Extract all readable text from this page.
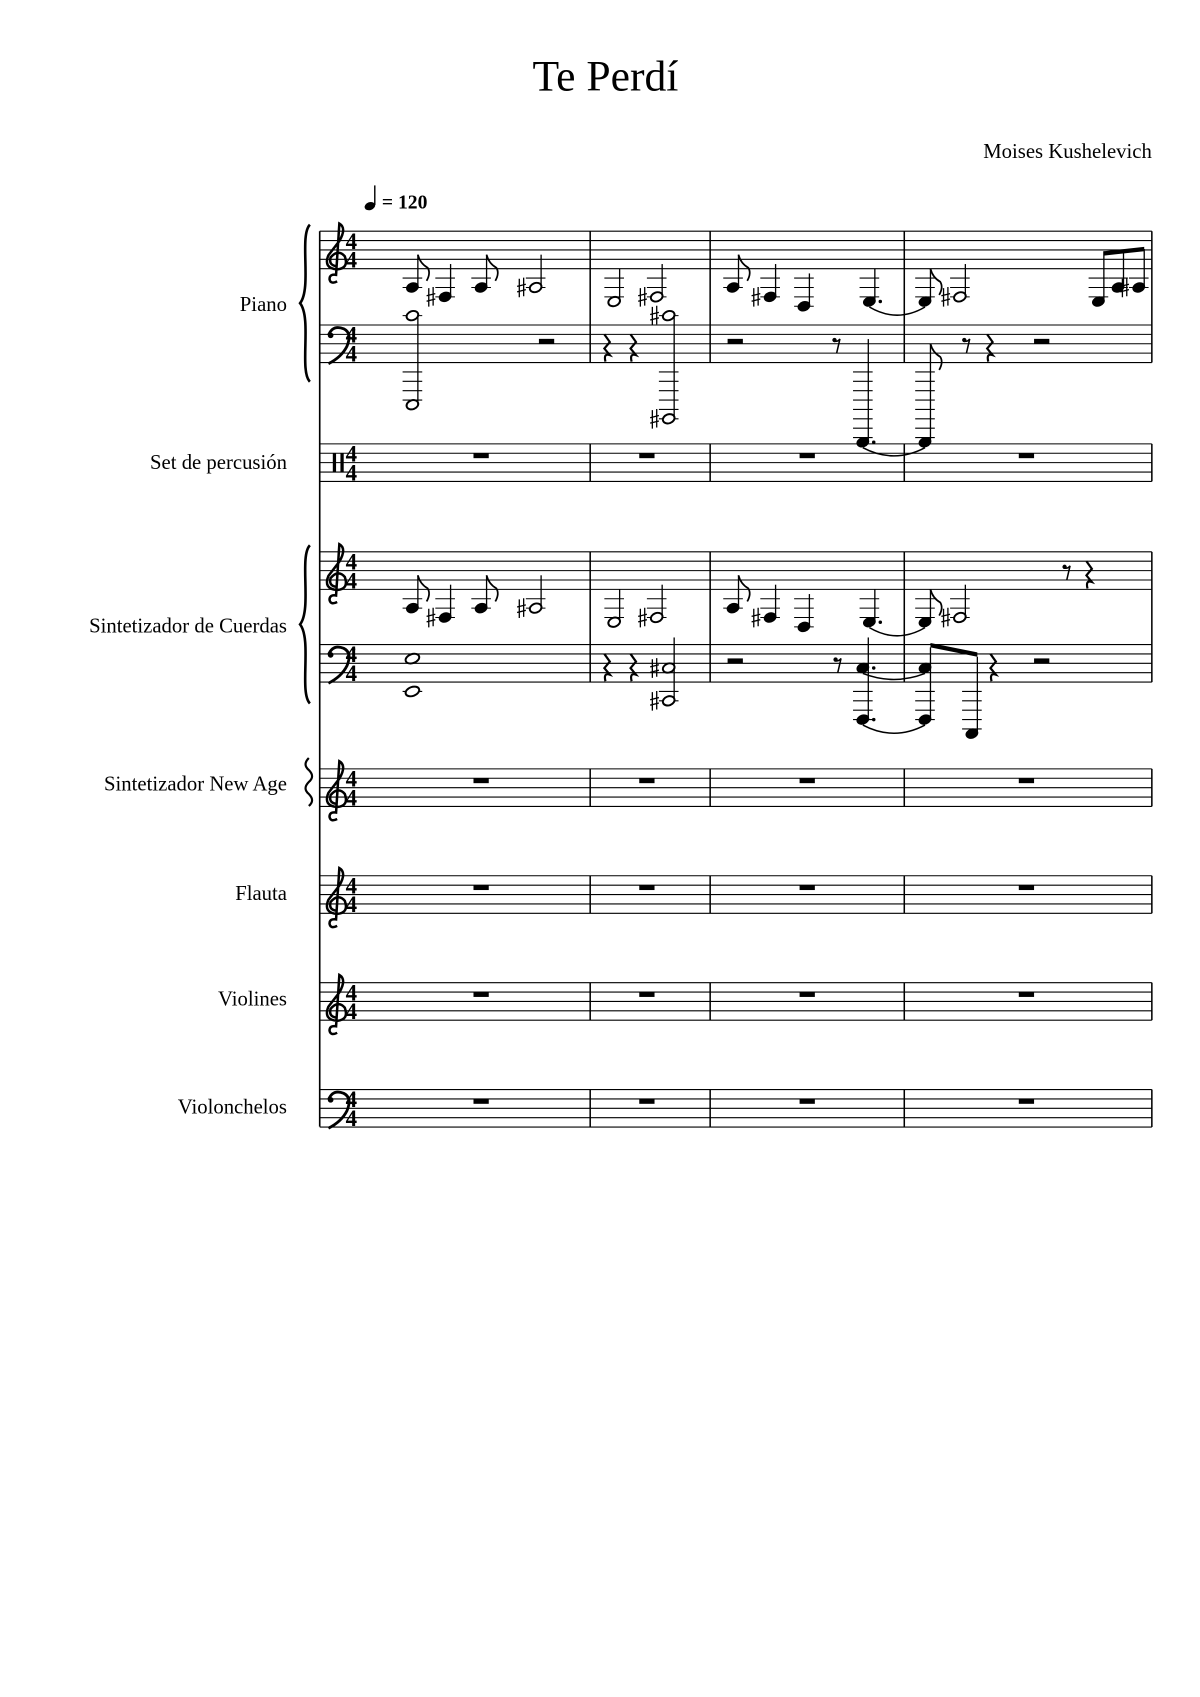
Te Perdí
Moises Kushelevich
= 120
Piano
Set de percusión
Sintetizador de Cuerdas
Sintetizador New Age
Flauta
Violines
Violonchelos
4
4
4
4
4
4
4
4
4
4
4
4
4
4
4
4
4
4
